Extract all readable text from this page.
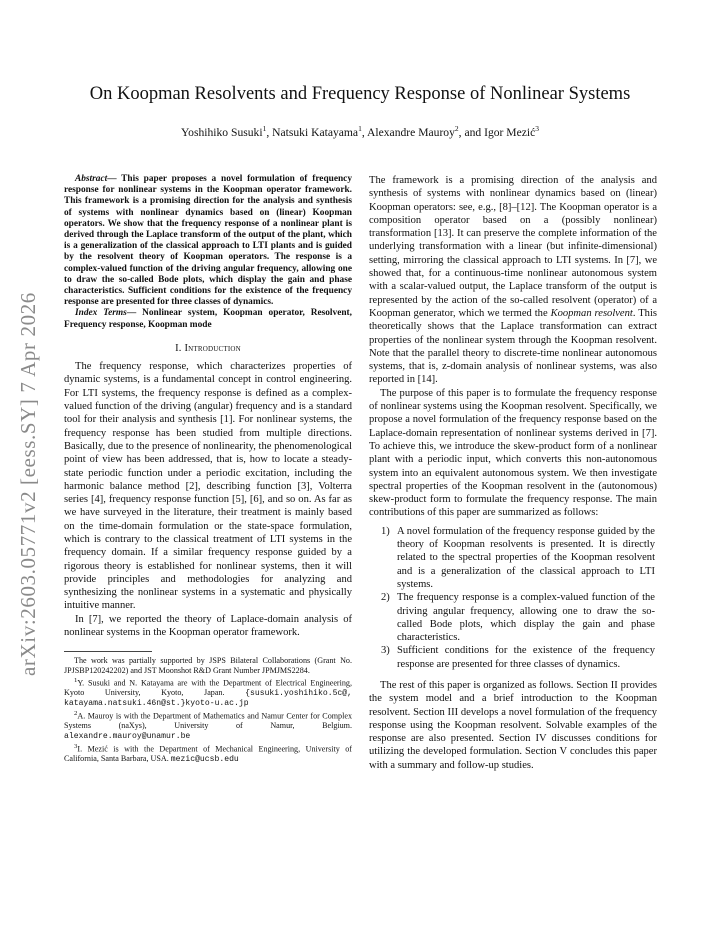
arXiv:2603.05771v2 [eess.SY] 7 Apr 2026
On Koopman Resolvents and Frequency Response of Nonlinear Systems
Yoshihiko Susuki$^1$, Natsuki Katayama$^1$, Alexandre Mauroy$^2$, and Igor Mezić$^3$

Abstract— This paper proposes a novel formulation of frequency response for nonlinear systems in the Koopman operator framework. This framework is a promising direction for the analysis and synthesis of systems with nonlinear dynamics based on (linear) Koopman operators. We show that the frequency response of a nonlinear plant is derived through the Laplace transform of the output of the plant, which is a generalization of the classical approach to LTI plants and is guided by the resolvent theory of Koopman operators. The response is a complex-valued function of the driving angular frequency, allowing one to draw the so-called Bode plots, which display the gain and phase characteristics. Sufficient conditions for the existence of the frequency response are presented for three classes of dynamics.

Index Terms— Nonlinear system, Koopman operator, Resolvent, Frequency response, Koopman mode

I. Introduction

The frequency response, which characterizes properties of dynamic systems, is a fundamental concept in control engineering. For LTI systems, the frequency response is defined as a complex-valued function of the driving (angular) frequency and is a standard tool for their analysis and synthesis [1]. For nonlinear systems, the frequency response has been studied from multiple directions. Basically, due to the presence of nonlinearity, the phenomenological point of view has been addressed, that is, how to locate a steady-state periodic function under a periodic excitation, including the harmonic balance method [2], describing function [3], Volterra series [4], frequency response function [5], [6], and so on. As far as we have surveyed in the literature, their treatment is mainly based on the time-domain formulation or the state-space formulation, which is contrary to the classical treatment of LTI systems in the frequency domain. If a similar frequency response guided by a rigorous theory is established for nonlinear systems, then it will provide principles and methodologies for analyzing and synthesizing the nonlinear systems in a systematic and physically intuitive manner.

In [7], we reported the theory of Laplace-domain analysis of nonlinear systems in the Koopman operator framework.

The work was partially supported by JSPS Bilateral Collaborations (Grant No. JPJSBP120242202) and JST Moonshot R&D Grant Number JPMJMS2284.

$^1$Y. Susuki and N. Katayama are with the Department of Electrical Engineering, Kyoto University, Kyoto, Japan.	{susuki.yoshihiko.5c@, katayama.natsuki.46n@st.}kyoto-u.ac.jp

$^2$A. Mauroy is with the Department of Mathematics and Namur Center for Complex Systems (naXys), University of Namur, Belgium. alexandre.mauroy@unamur.be

$^3$I. Mezić is with the Department of Mechanical Engineering, University of California, Santa Barbara, USA. mezic@ucsb.edu

The framework is a promising direction of the analysis and synthesis of systems with nonlinear dynamics based on (linear) Koopman operators: see, e.g., [8]–[12]. The Koopman operator is a composition operator based on a (possibly nonlinear) transformation [13]. It can preserve the complete information of the underlying transformation with a linear (but infinite-dimensional) setting, mirroring the classical approach to LTI systems. In [7], we showed that, for a continuous-time nonlinear autonomous system with a scalar-valued output, the Laplace transform of the output is represented by the action of the so-called resolvent (operator) of a Koopman generator, which we termed the Koopman resolvent. This theoretically shows that the Laplace transformation can extract properties of the nonlinear system through the Koopman resolvent. Note that the parallel theory to discrete-time nonlinear autonomous systems, that is, z-domain analysis of nonlinear systems, was also reported in [14].

The purpose of this paper is to formulate the frequency response of nonlinear systems using the Koopman resolvent. Specifically, we propose a novel formulation of the frequency response based on the Laplace-domain representation of nonlinear systems derived in [7]. To achieve this, we introduce the skew-product form of a nonlinear plant with a periodic input, which converts this non-autonomous system into an equivalent autonomous system. We then investigate spectral properties of the Koopman resolvent in the (autonomous) skew-product form to formulate the frequency response. The main contributions of this paper are summarized as follows:

1) A novel formulation of the frequency response guided by the theory of Koopman resolvents is presented. It is directly related to the spectral properties of the Koopman resolvent and is a generalization of the classical approach to LTI systems.
2) The frequency response is a complex-valued function of the driving angular frequency, allowing one to draw the so-called Bode plots, which display the gain and phase characteristics.
3) Sufficient conditions for the existence of the frequency response are presented for three classes of dynamics.

The rest of this paper is organized as follows. Section II provides the system model and a brief introduction to the Koopman resolvent. Section III develops a novel formulation of the frequency response using the Koopman resolvent. Solvable examples of the response are also presented. Section IV discusses conditions for utilizing the developed formulation. Section V concludes this paper with a summary and follow-up studies.
